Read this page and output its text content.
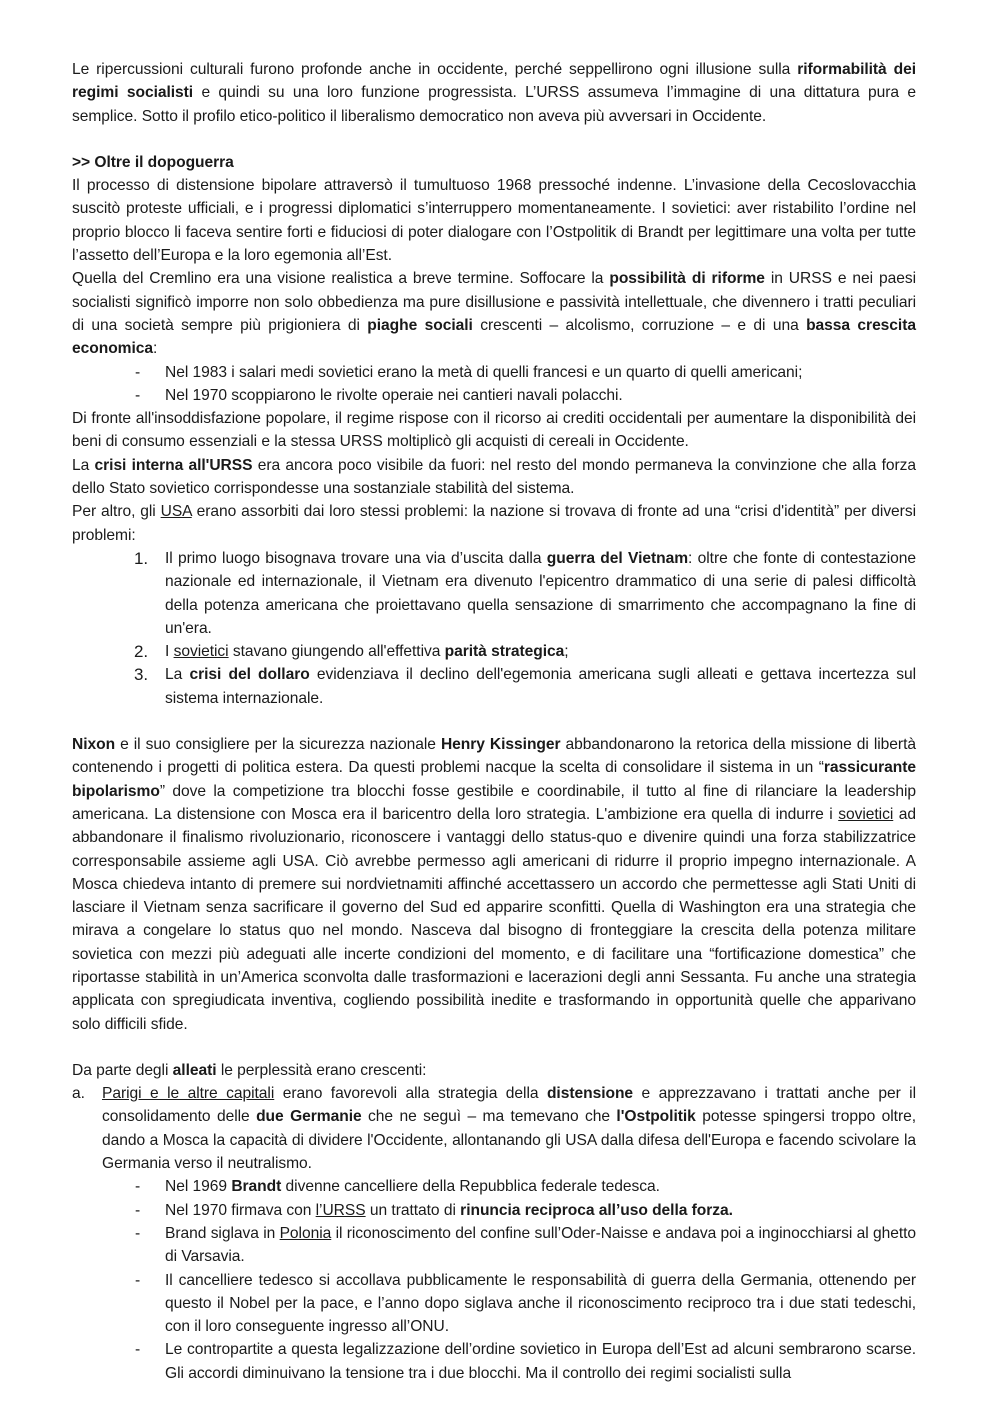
Le ripercussioni culturali furono profonde anche in occidente, perché seppellirono ogni illusione sulla riformabilità dei regimi socialisti e quindi su una loro funzione progressista. L’URSS assumeva l’immagine di una dittatura pura e semplice. Sotto il profilo etico-politico il liberalismo democratico non aveva più avversari in Occidente.

>> Oltre il dopoguerra

Il processo di distensione bipolare attraversò il tumultuoso 1968 pressoché indenne. L’invasione della Cecoslovacchia suscitò proteste ufficiali, e i progressi diplomatici s’interruppero momentaneamente. I sovietici: aver ristabilito l’ordine nel proprio blocco li faceva sentire forti e fiduciosi di poter dialogare con l’Ostpolitik di Brandt per legittimare una volta per tutte l’assetto dell’Europa e la loro egemonia all’Est.

Quella del Cremlino era una visione realistica a breve termine. Soffocare la possibilità di riforme in URSS e nei paesi socialisti significò imporre non solo obbedienza ma pure disillusione e passività intellettuale, che divennero i tratti peculiari di una società sempre più prigioniera di piaghe sociali crescenti – alcolismo, corruzione – e di una bassa crescita economica:

- Nel 1983 i salari medi sovietici erano la metà di quelli francesi e un quarto di quelli americani;
- Nel 1970 scoppiarono le rivolte operaie nei cantieri navali polacchi.

Di fronte all'insoddisfazione popolare, il regime rispose con il ricorso ai crediti occidentali per aumentare la disponibilità dei beni di consumo essenziali e la stessa URSS moltiplicò gli acquisti di cereali in Occidente.

La crisi interna all'URSS era ancora poco visibile da fuori: nel resto del mondo permaneva la convinzione che alla forza dello Stato sovietico corrispondesse una sostanziale stabilità del sistema.

Per altro, gli USA erano assorbiti dai loro stessi problemi: la nazione si trovava di fronte ad una “crisi d'identità” per diversi problemi:

1. Il primo luogo bisognava trovare una via d’uscita dalla guerra del Vietnam: oltre che fonte di contestazione nazionale ed internazionale, il Vietnam era divenuto l'epicentro drammatico di una serie di palesi difficoltà della potenza americana che proiettavano quella sensazione di smarrimento che accompagnano la fine di un'era.
2. I sovietici stavano giungendo all'effettiva parità strategica;
3. La crisi del dollaro evidenziava il declino dell'egemonia americana sugli alleati e gettava incertezza sul sistema internazionale.

Nixon e il suo consigliere per la sicurezza nazionale Henry Kissinger abbandonarono la retorica della missione di libertà contenendo i progetti di politica estera. Da questi problemi nacque la scelta di consolidare il sistema in un “rassicurante bipolarismo” dove la competizione tra blocchi fosse gestibile e coordinabile, il tutto al fine di rilanciare la leadership americana. La distensione con Mosca era il baricentro della loro strategia. L'ambizione era quella di indurre i sovietici ad abbandonare il finalismo rivoluzionario, riconoscere i vantaggi dello status-quo e divenire quindi una forza stabilizzatrice corresponsabile assieme agli USA. Ciò avrebbe permesso agli americani di ridurre il proprio impegno internazionale. A Mosca chiedeva intanto di premere sui nordvietnamiti affinché accettassero un accordo che permettesse agli Stati Uniti di lasciare il Vietnam senza sacrificare il governo del Sud ed apparire sconfitti. Quella di Washington era una strategia che mirava a congelare lo status quo nel mondo. Nasceva dal bisogno di fronteggiare la crescita della potenza militare sovietica con mezzi più adeguati alle incerte condizioni del momento, e di facilitare una “fortificazione domestica” che riportasse stabilità in un’America sconvolta dalle trasformazioni e lacerazioni degli anni Sessanta. Fu anche una strategia applicata con spregiudicata inventiva, cogliendo possibilità inedite e trasformando in opportunità quelle che apparivano solo difficili sfide.

Da parte degli alleati le perplessità erano crescenti:

a. Parigi e le altre capitali erano favorevoli alla strategia della distensione e apprezzavano i trattati anche per il consolidamento delle due Germanie che ne seguì – ma temevano che l'Ostpolitik potesse spingersi troppo oltre, dando a Mosca la capacità di dividere l'Occidente, allontanando gli USA dalla difesa dell'Europa e facendo scivolare la Germania verso il neutralismo.

- Nel 1969 Brandt divenne cancelliere della Repubblica federale tedesca.
- Nel 1970 firmava con l’URSS un trattato di rinuncia reciproca all’uso della forza.
- Brand siglava in Polonia il riconoscimento del confine sull’Oder-Naisse e andava poi a inginocchiarsi al ghetto di Varsavia.
- Il cancelliere tedesco si accollava pubblicamente le responsabilità di guerra della Germania, ottenendo per questo il Nobel per la pace, e l’anno dopo siglava anche il riconoscimento reciproco tra i due stati tedeschi, con il loro conseguente ingresso all’ONU.
- Le contropartite a questa legalizzazione dell’ordine sovietico in Europa dell’Est ad alcuni sembrarono scarse. Gli accordi diminuivano la tensione tra i due blocchi. Ma il controllo dei regimi socialisti sulla
